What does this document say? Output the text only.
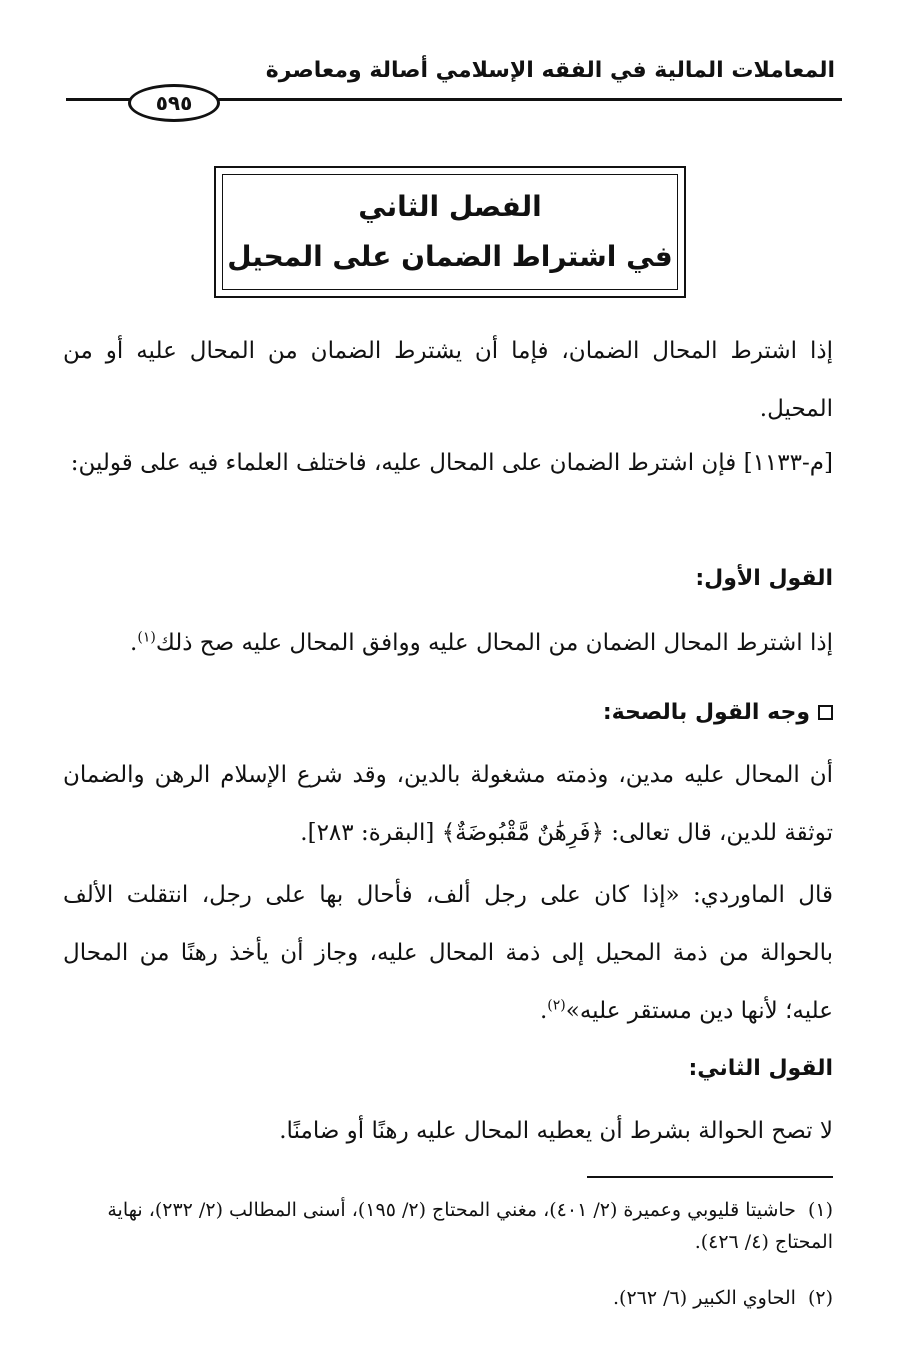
المعاملات المالية في الفقه الإسلامي أصالة ومعاصرة
٥٩٥
الفصل الثاني
في اشتراط الضمان على المحيل

إذا اشترط المحال الضمان، فإما أن يشترط الضمان من المحال عليه أو من المحيل.

[م-١١٣٣] فإن اشترط الضمان على المحال عليه، فاختلف العلماء فيه على قولين:

القول الأول:

إذا اشترط المحال الضمان من المحال عليه ووافق المحال عليه صح ذلك$^{(١)}$.

وجه القول بالصحة:

أن المحال عليه مدين، وذمته مشغولة بالدين، وقد شرع الإسلام الرهن والضمان توثقة للدين، قال تعالى: ﴿فَرِهَٰنٌ مَّقْبُوضَةٌ﴾ [البقرة: ٢٨٣].

قال الماوردي: «إذا كان على رجل ألف، فأحال بها على رجل، انتقلت الألف بالحوالة من ذمة المحيل إلى ذمة المحال عليه، وجاز أن يأخذ رهنًا من المحال عليه؛ لأنها دين مستقر عليه»$^{(٢)}$.

القول الثاني:

لا تصح الحوالة بشرط أن يعطيه المحال عليه رهنًا أو ضامنًا.

(١)حاشيتا قليوبي وعميرة (٢/ ٤٠١)، مغني المحتاج (٢/ ١٩٥)، أسنى المطالب (٢/ ٢٣٢)، نهاية المحتاج (٤/ ٤٢٦).
(٢)الحاوي الكبير (٦/ ٢٦٢).
